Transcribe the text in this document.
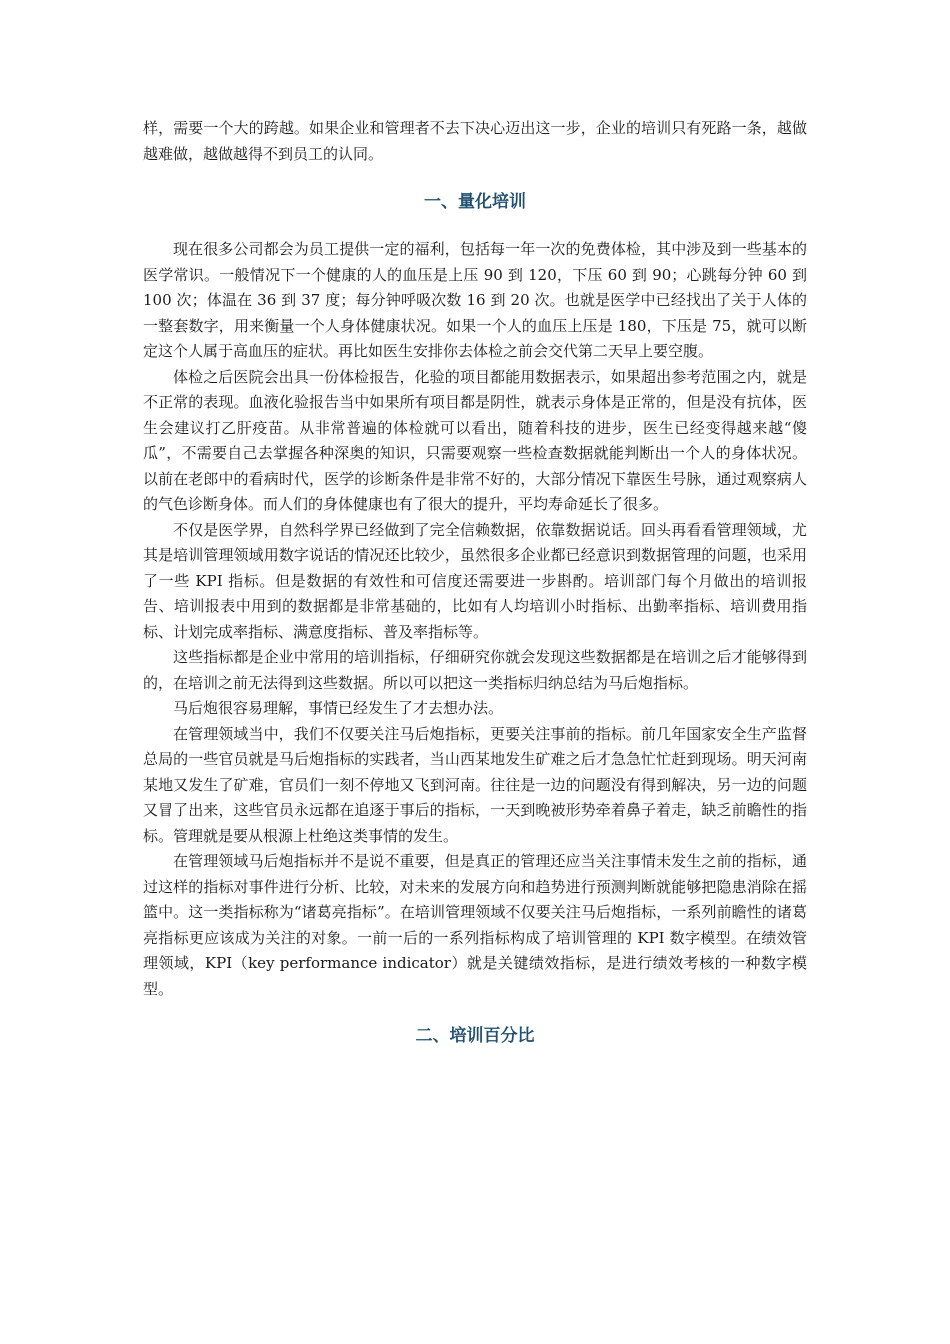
样，需要一个大的跨越。如果企业和管理者不去下决心迈出这一步，企业的培训只有死路一条，越做越难做，越做越得不到员工的认同。

一、量化培训

现在很多公司都会为员工提供一定的福利，包括每一年一次的免费体检，其中涉及到一些基本的医学常识。一般情况下一个健康的人的血压是上压 90 到 120，下压 60 到 90；心跳每分钟 60 到 100 次；体温在 36 到 37 度；每分钟呼吸次数 16 到 20 次。也就是医学中已经找出了关于人体的一整套数字，用来衡量一个人身体健康状况。如果一个人的血压上压是 180，下压是 75，就可以断定这个人属于高血压的症状。再比如医生安排你去体检之前会交代第二天早上要空腹。

体检之后医院会出具一份体检报告，化验的项目都能用数据表示，如果超出参考范围之内，就是不正常的表现。血液化验报告当中如果所有项目都是阴性，就表示身体是正常的，但是没有抗体，医生会建议打乙肝疫苗。从非常普遍的体检就可以看出，随着科技的进步，医生已经变得越来越“傻瓜”，不需要自己去掌握各种深奥的知识，只需要观察一些检查数据就能判断出一个人的身体状况。以前在老郎中的看病时代，医学的诊断条件是非常不好的，大部分情况下靠医生号脉，通过观察病人的气色诊断身体。而人们的身体健康也有了很大的提升，平均寿命延长了很多。

不仅是医学界，自然科学界已经做到了完全信赖数据，依靠数据说话。回头再看看管理领域，尤其是培训管理领域用数字说话的情况还比较少，虽然很多企业都已经意识到数据管理的问题，也采用了一些 KPI 指标。但是数据的有效性和可信度还需要进一步斟酌。培训部门每个月做出的培训报告、培训报表中用到的数据都是非常基础的，比如有人均培训小时指标、出勤率指标、培训费用指标、计划完成率指标、满意度指标、普及率指标等。

这些指标都是企业中常用的培训指标，仔细研究你就会发现这些数据都是在培训之后才能够得到的，在培训之前无法得到这些数据。所以可以把这一类指标归纳总结为马后炮指标。

马后炮很容易理解，事情已经发生了才去想办法。

在管理领域当中，我们不仅要关注马后炮指标，更要关注事前的指标。前几年国家安全生产监督总局的一些官员就是马后炮指标的实践者，当山西某地发生矿难之后才急急忙忙赶到现场。明天河南某地又发生了矿难，官员们一刻不停地又飞到河南。往往是一边的问题没有得到解决，另一边的问题又冒了出来，这些官员永远都在追逐于事后的指标，一天到晚被形势牵着鼻子着走，缺乏前瞻性的指标。管理就是要从根源上杜绝这类事情的发生。

在管理领域马后炮指标并不是说不重要，但是真正的管理还应当关注事情未发生之前的指标，通过这样的指标对事件进行分析、比较，对未来的发展方向和趋势进行预测判断就能够把隐患消除在摇篮中。这一类指标称为“诸葛亮指标”。在培训管理领域不仅要关注马后炮指标，一系列前瞻性的诸葛亮指标更应该成为关注的对象。一前一后的一系列指标构成了培训管理的 KPI 数字模型。在绩效管理领域，KPI（key performance indicator）就是关键绩效指标，是进行绩效考核的一种数字模型。

二、培训百分比
